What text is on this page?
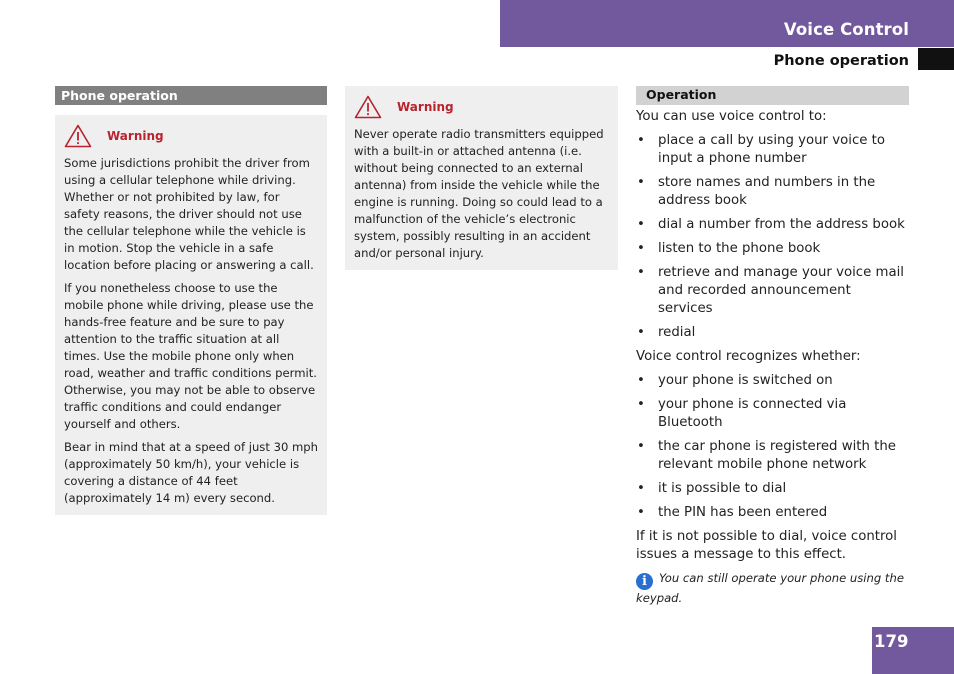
Voice Control
Phone operation
Phone operation
Warning

Some jurisdictions prohibit the driver from using a cellular telephone while driving. Whether or not prohibited by law, for safety reasons, the driver should not use the cellular telephone while the vehicle is in motion. Stop the vehicle in a safe location before placing or answering a call.

If you nonetheless choose to use the mobile phone while driving, please use the hands-free feature and be sure to pay attention to the traffic situation at all times. Use the mobile phone only when road, weather and traffic conditions permit. Otherwise, you may not be able to observe traffic conditions and could endanger yourself and others.

Bear in mind that at a speed of just 30 mph (approximately 50 km/h), your vehicle is covering a distance of 44 feet (approximately 14 m) every second.

Warning

Never operate radio transmitters equipped with a built-in or attached antenna (i.e. without being connected to an external antenna) from inside the vehicle while the engine is running. Doing so could lead to a malfunction of the vehicle’s electronic system, possibly resulting in an accident and/or personal injury.

Operation
You can use voice control to:
• place a call by using your voice to input a phone number
• store names and numbers in the address book
• dial a number from the address book
• listen to the phone book
• retrieve and manage your voice mail and recorded announcement services
• redial

Voice control recognizes whether:

• your phone is switched on
• your phone is connected via Bluetooth
• the car phone is registered with the relevant mobile phone network
• it is possible to dial
• the PIN has been entered

If it is not possible to dial, voice control issues a message to this effect.

i You can still operate your phone using the keypad.
179
